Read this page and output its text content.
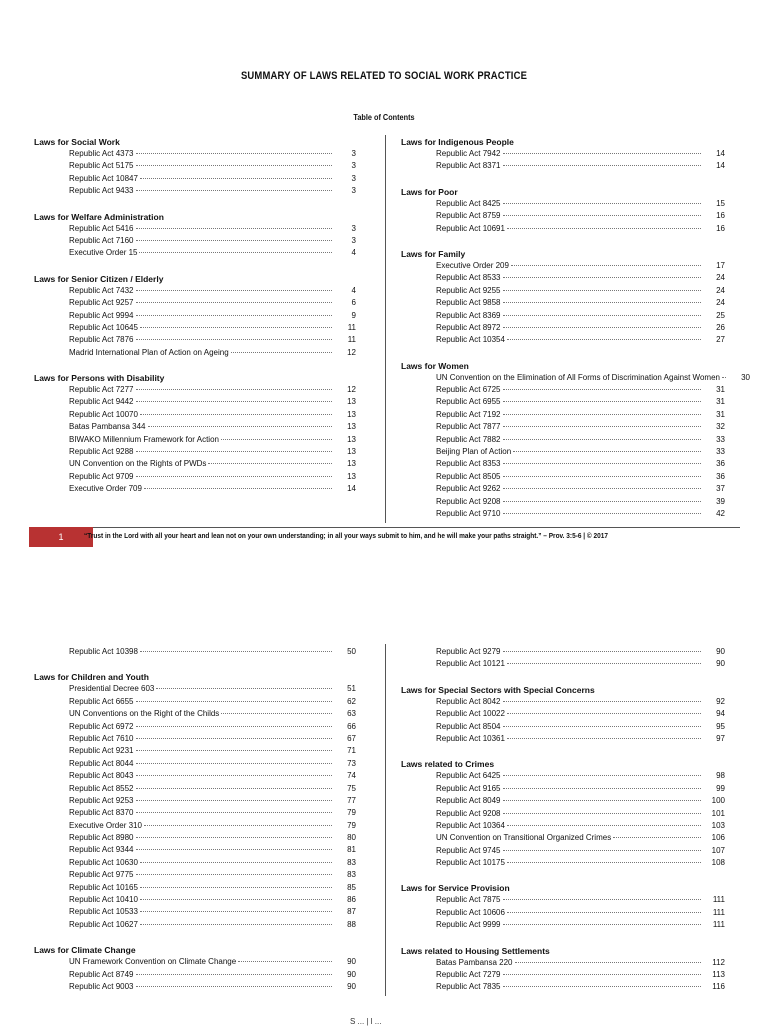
SUMMARY OF LAWS RELATED TO SOCIAL WORK PRACTICE
Table of Contents
Laws for Social Work
Republic Act 4373	3
Republic Act 5175	3
Republic Act 10847	3
Republic Act 9433	3
Laws for Welfare Administration
Republic Act 5416	3
Republic Act 7160	3
Executive Order 15	4
Laws for Senior Citizen / Elderly
Republic Act 7432	4
Republic Act 9257	6
Republic Act 9994	9
Republic Act 10645	11
Republic Act 7876	11
Madrid International Plan of Action on Ageing	12
Laws for Persons with Disability
Republic Act 7277	12
Republic Act 9442	13
Republic Act 10070	13
Batas Pambansa 344	13
BIWAKO Millennium Framework for Action	13
Republic Act 9288	13
UN Convention on the Rights of PWDs	13
Republic Act 9709	13
Executive Order 709	14
Laws for Indigenous People
Republic Act 7942	14
Republic Act 8371	14
Laws for Poor
Republic Act 8425	15
Republic Act 8759	16
Republic Act 10691	16
Laws for Family
Executive Order 209	17
Republic Act 8533	24
Republic Act 9255	24
Republic Act 9858	24
Republic Act 8369	25
Republic Act 8972	26
Republic Act 10354	27
Laws for Women
UN Convention on the Elimination of All Forms of Discrimination Against Women	30
Republic Act 6725	31
Republic Act 6955	31
Republic Act 7192	31
Republic Act 7877	32
Republic Act 7882	33
Beijing Plan of Action	33
Republic Act 8353	36
Republic Act 8505	36
Republic Act 9262	37
Republic Act 9208	39
Republic Act 9710	42
1	“Trust in the Lord with all your heart and lean not on your own understanding; in all your ways submit to him, and he will make your paths straight.” – Prov. 3:5-6 | © 2017
Republic Act 10398	50
Laws for Children and Youth
Presidential Decree 603	51
Republic Act 6655	62
UN Conventions on the Right of the Childs	63
Republic Act 6972	66
Republic Act 7610	67
Republic Act 9231	71
Republic Act 8044	73
Republic Act 8043	74
Republic Act 8552	75
Republic Act 9253	77
Republic Act 8370	79
Executive Order 310	79
Republic Act 8980	80
Republic Act 9344	81
Republic Act 10630	83
Republic Act 9775	83
Republic Act 10165	85
Republic Act 10410	86
Republic Act 10533	87
Republic Act 10627	88
Laws for Climate Change
UN Framework Convention on Climate Change	90
Republic Act 8749	90
Republic Act 9003	90
Republic Act 9279	90
Republic Act 10121	90
Laws for Special Sectors with Special Concerns
Republic Act 8042	92
Republic Act 10022	94
Republic Act 8504	95
Republic Act 10361	97
Laws related to Crimes
Republic Act 6425	98
Republic Act 9165	99
Republic Act 8049	100
Republic Act 9208	101
Republic Act 10364	103
UN Convention on Transitional Organized Crimes	106
Republic Act 9745	107
Republic Act 10175	108
Laws for Service Provision
Republic Act 7875	111
Republic Act 10606	111
Republic Act 9999	111
Laws related to Housing Settlements
Batas Pambansa 220	112
Republic Act 7279	113
Republic Act 7835	116
S ... | l ...
